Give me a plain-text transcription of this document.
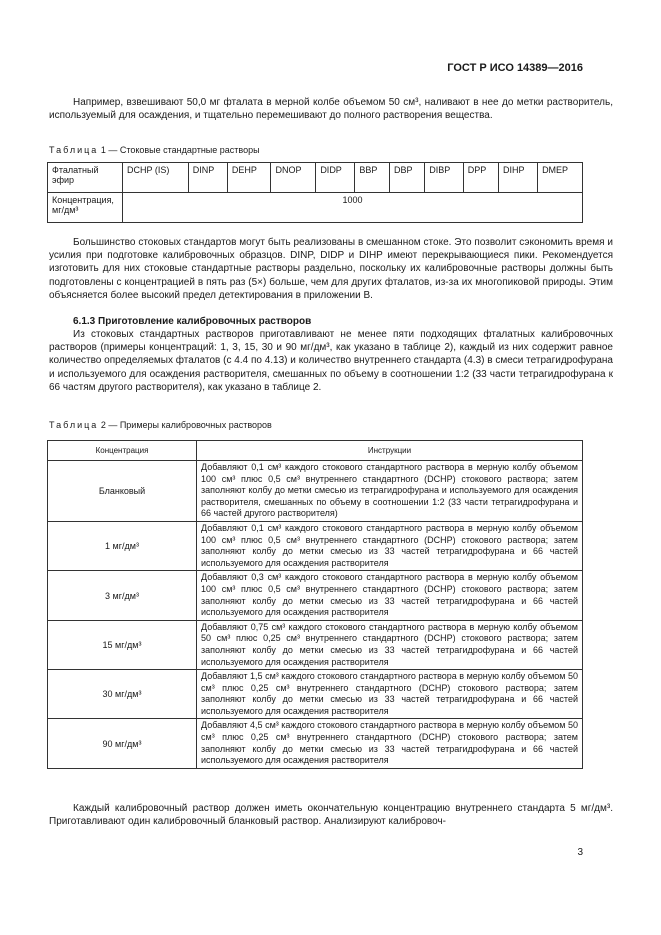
ГОСТ Р ИСО 14389—2016

Например, взвешивают 50,0 мг фталата в мерной колбе объемом 50 см³, наливают в нее до метки растворитель, используемый для осаждения, и тщательно перемешивают до полного растворения вещества.

Таблица 1 — Стоковые стандартные растворы
Фталатный эфир	DCHP (IS)	DINP	DEHP	DNOP	DIDP	BBP	DBP	DIBP	DPP	DIHP	DMEP
Концентрация, мг/дм³	1000										

Большинство стоковых стандартов могут быть реализованы в смешанном стоке. Это позволит сэкономить время и усилия при подготовке калибровочных образцов. DINP, DIDP и DIHP имеют перекрывающиеся пики. Рекомендуется изготовить для них стоковые стандартные растворы раздельно, поскольку их калибровочные растворы должны быть подготовлены с концентрацией в пять раз (5×) больше, чем для других фталатов, из-за их многопиковой природы. Этим объясняется более высокий предел детектирования в приложении В.

6.1.3 Приготовление калибровочных растворов

Из стоковых стандартных растворов приготавливают не менее пяти подходящих фталатных калибровочных растворов (примеры концентраций: 1, 3, 15, 30 и 90 мг/дм³, как указано в таблице 2), каждый из них содержит равное количество определяемых фталатов (с 4.4 по 4.13) и количество внутреннего стандарта (4.3) в смеси тетрагидрофурана и используемого для осаждения растворителя, смешанных по объему в соотношении 1:2 (33 части тетрагидрофурана к 66 частям другого растворителя), как указано в таблице 2.

Таблица 2 — Примеры калибровочных растворов
Концентрация	Инструкции
Бланковый	Добавляют 0,1 см³ каждого стокового стандартного раствора в мерную колбу объемом 100 см³ плюс 0,5 см³ внутреннего стандартного (DCHP) стокового раствора; затем заполняют колбу до метки смесью из тетрагидрофурана и используемого для осаждения растворителя, смешанных по объему в соотношении 1:2 (33 части тетрагидрофурана и 66 частей другого растворителя)
1 мг/дм³	Добавляют 0,1 см³ каждого стокового стандартного раствора в мерную колбу объемом 100 см³ плюс 0,5 см³ внутреннего стандартного (DCHP) стокового раствора; затем заполняют колбу до метки смесью из 33 частей тетрагидрофурана и 66 частей используемого для осаждения растворителя
3 мг/дм³	Добавляют 0,3 см³ каждого стокового стандартного раствора в мерную колбу объемом 100 см³ плюс 0,5 см³ внутреннего стандартного (DCHP) стокового раствора; затем заполняют колбу до метки смесью из 33 частей тетрагидрофурана и 66 частей используемого для осаждения растворителя
15 мг/дм³	Добавляют 0,75 см³ каждого стокового стандартного раствора в мерную колбу объемом 50 см³ плюс 0,25 см³ внутреннего стандартного (DCHP) стокового раствора; затем заполняют колбу до метки смесью из 33 частей тетрагидрофурана и 66 частей используемого для осаждения растворителя
30 мг/дм³	Добавляют 1,5 см³ каждого стокового стандартного раствора в мерную колбу объемом 50 см³ плюс 0,25 см³ внутреннего стандартного (DCHP) стокового раствора; затем заполняют колбу до метки смесью из 33 частей тетрагидрофурана и 66 частей используемого для осаждения растворителя
90 мг/дм³	Добавляют 4,5 см³ каждого стокового стандартного раствора в мерную колбу объемом 50 см³ плюс 0,25 см³ внутреннего стандартного (DCHP) стокового раствора; затем заполняют колбу до метки смесью из 33 частей тетрагидрофурана и 66 частей используемого для осаждения растворителя

Каждый калибровочный раствор должен иметь окончательную концентрацию внутреннего стандарта 5 мг/дм³. Приготавливают один калибровочный бланковый раствор. Анализируют калибровоч-

3
